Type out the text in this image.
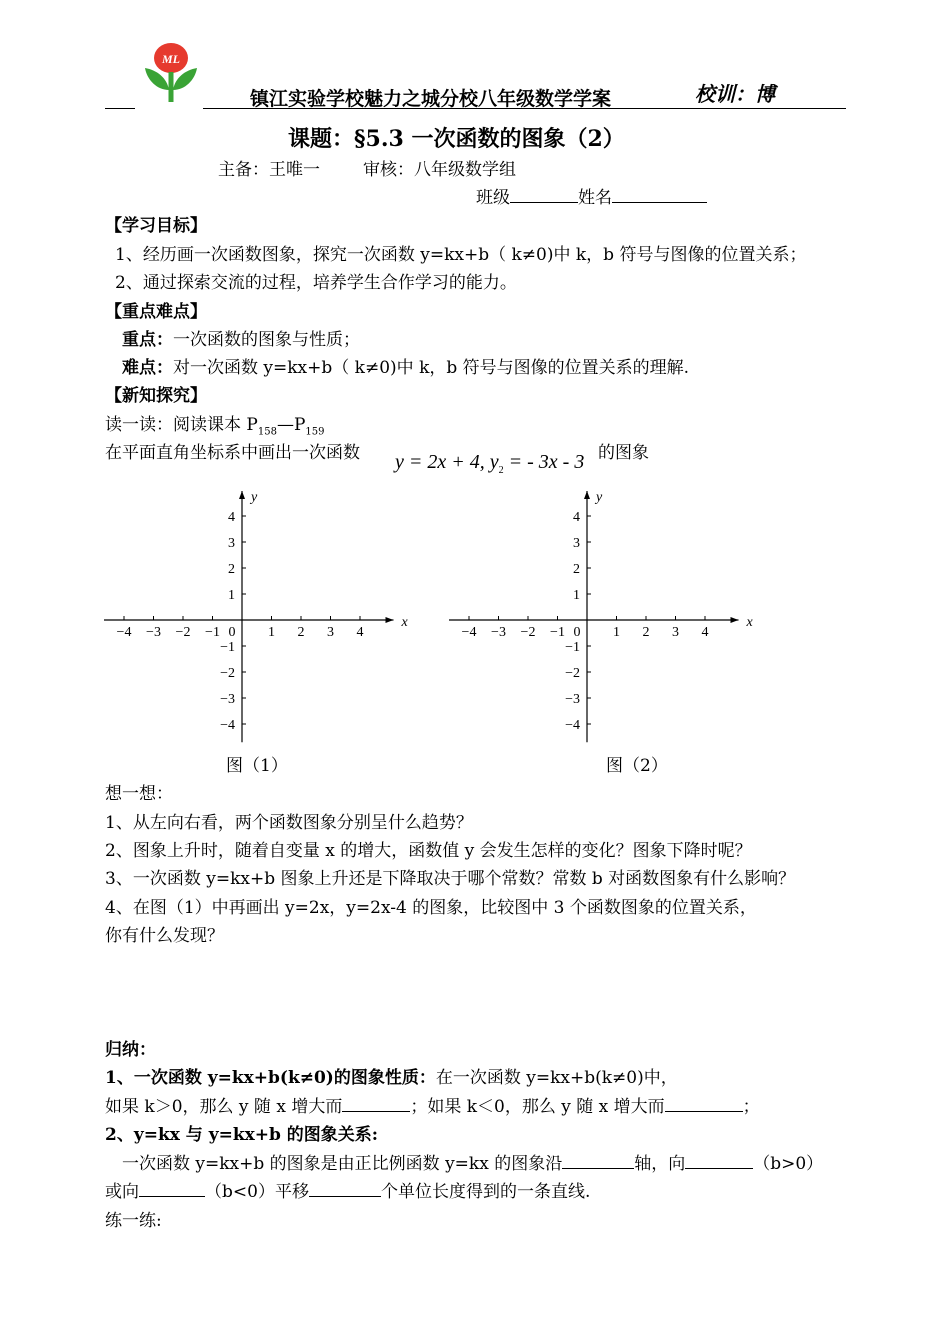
ML
镇江实验学校魅力之城分校八年级数学学案	校训：博
课题：§5.3 一次函数的图象（2）
主备：王唯一	审核：八年级数学组
班级	姓名
【学习目标】
1、经历画一次函数图象，探究一次函数 y=kx+b（ k≠0)中 k，b 符号与图像的位置关系；
2、通过探索交流的过程，培养学生合作学习的能力。
【重点难点】
重点：一次函数的图象与性质；
难点：对一次函数 y=kx+b（ k≠0)中 k，b 符号与图像的位置关系的理解.
【新知探究】
读一读：阅读课本 $P_{158}—P_{159}$
在平面直角坐标系中画出一次函数 y = 2x + 4, $y_2$ = - 3x - 3 的图象
x
y
−4 −3 −2 −1 0 1 2 3 4
4
3
2
1
−1
−2
−3
−4
图（1）
x
y
−4 −3 −2 −1 0 1 2 3 4
4
3
2
1
−1
−2
−3
−4
图（2）
想一想：
1、从左向右看，两个函数图象分别呈什么趋势？
2、图象上升时，随着自变量 x 的增大，函数值 y 会发生怎样的变化？图象下降时呢？
3、一次函数 y=kx+b 图象上升还是下降取决于哪个常数？常数 b 对函数图象有什么影响？
4、在图（1）中再画出 y=2x，y=2x-4 的图象，比较图中 3 个函数图象的位置关系，
你有什么发现？
归纳：
1、一次函数 y=kx+b(k≠0)的图象性质：在一次函数 y=kx+b(k≠0)中，
如果 k＞0，那么 y 随 x 增大而	；如果 k＜0，那么 y 随 x 增大而	；
2、y=kx 与 y=kx+b 的图象关系:
一次函数 y=kx+b 的图象是由正比例函数 y=kx 的图象沿	轴，向	（b>0）
或向	（b<0）平移	个单位长度得到的一条直线.
练一练:
